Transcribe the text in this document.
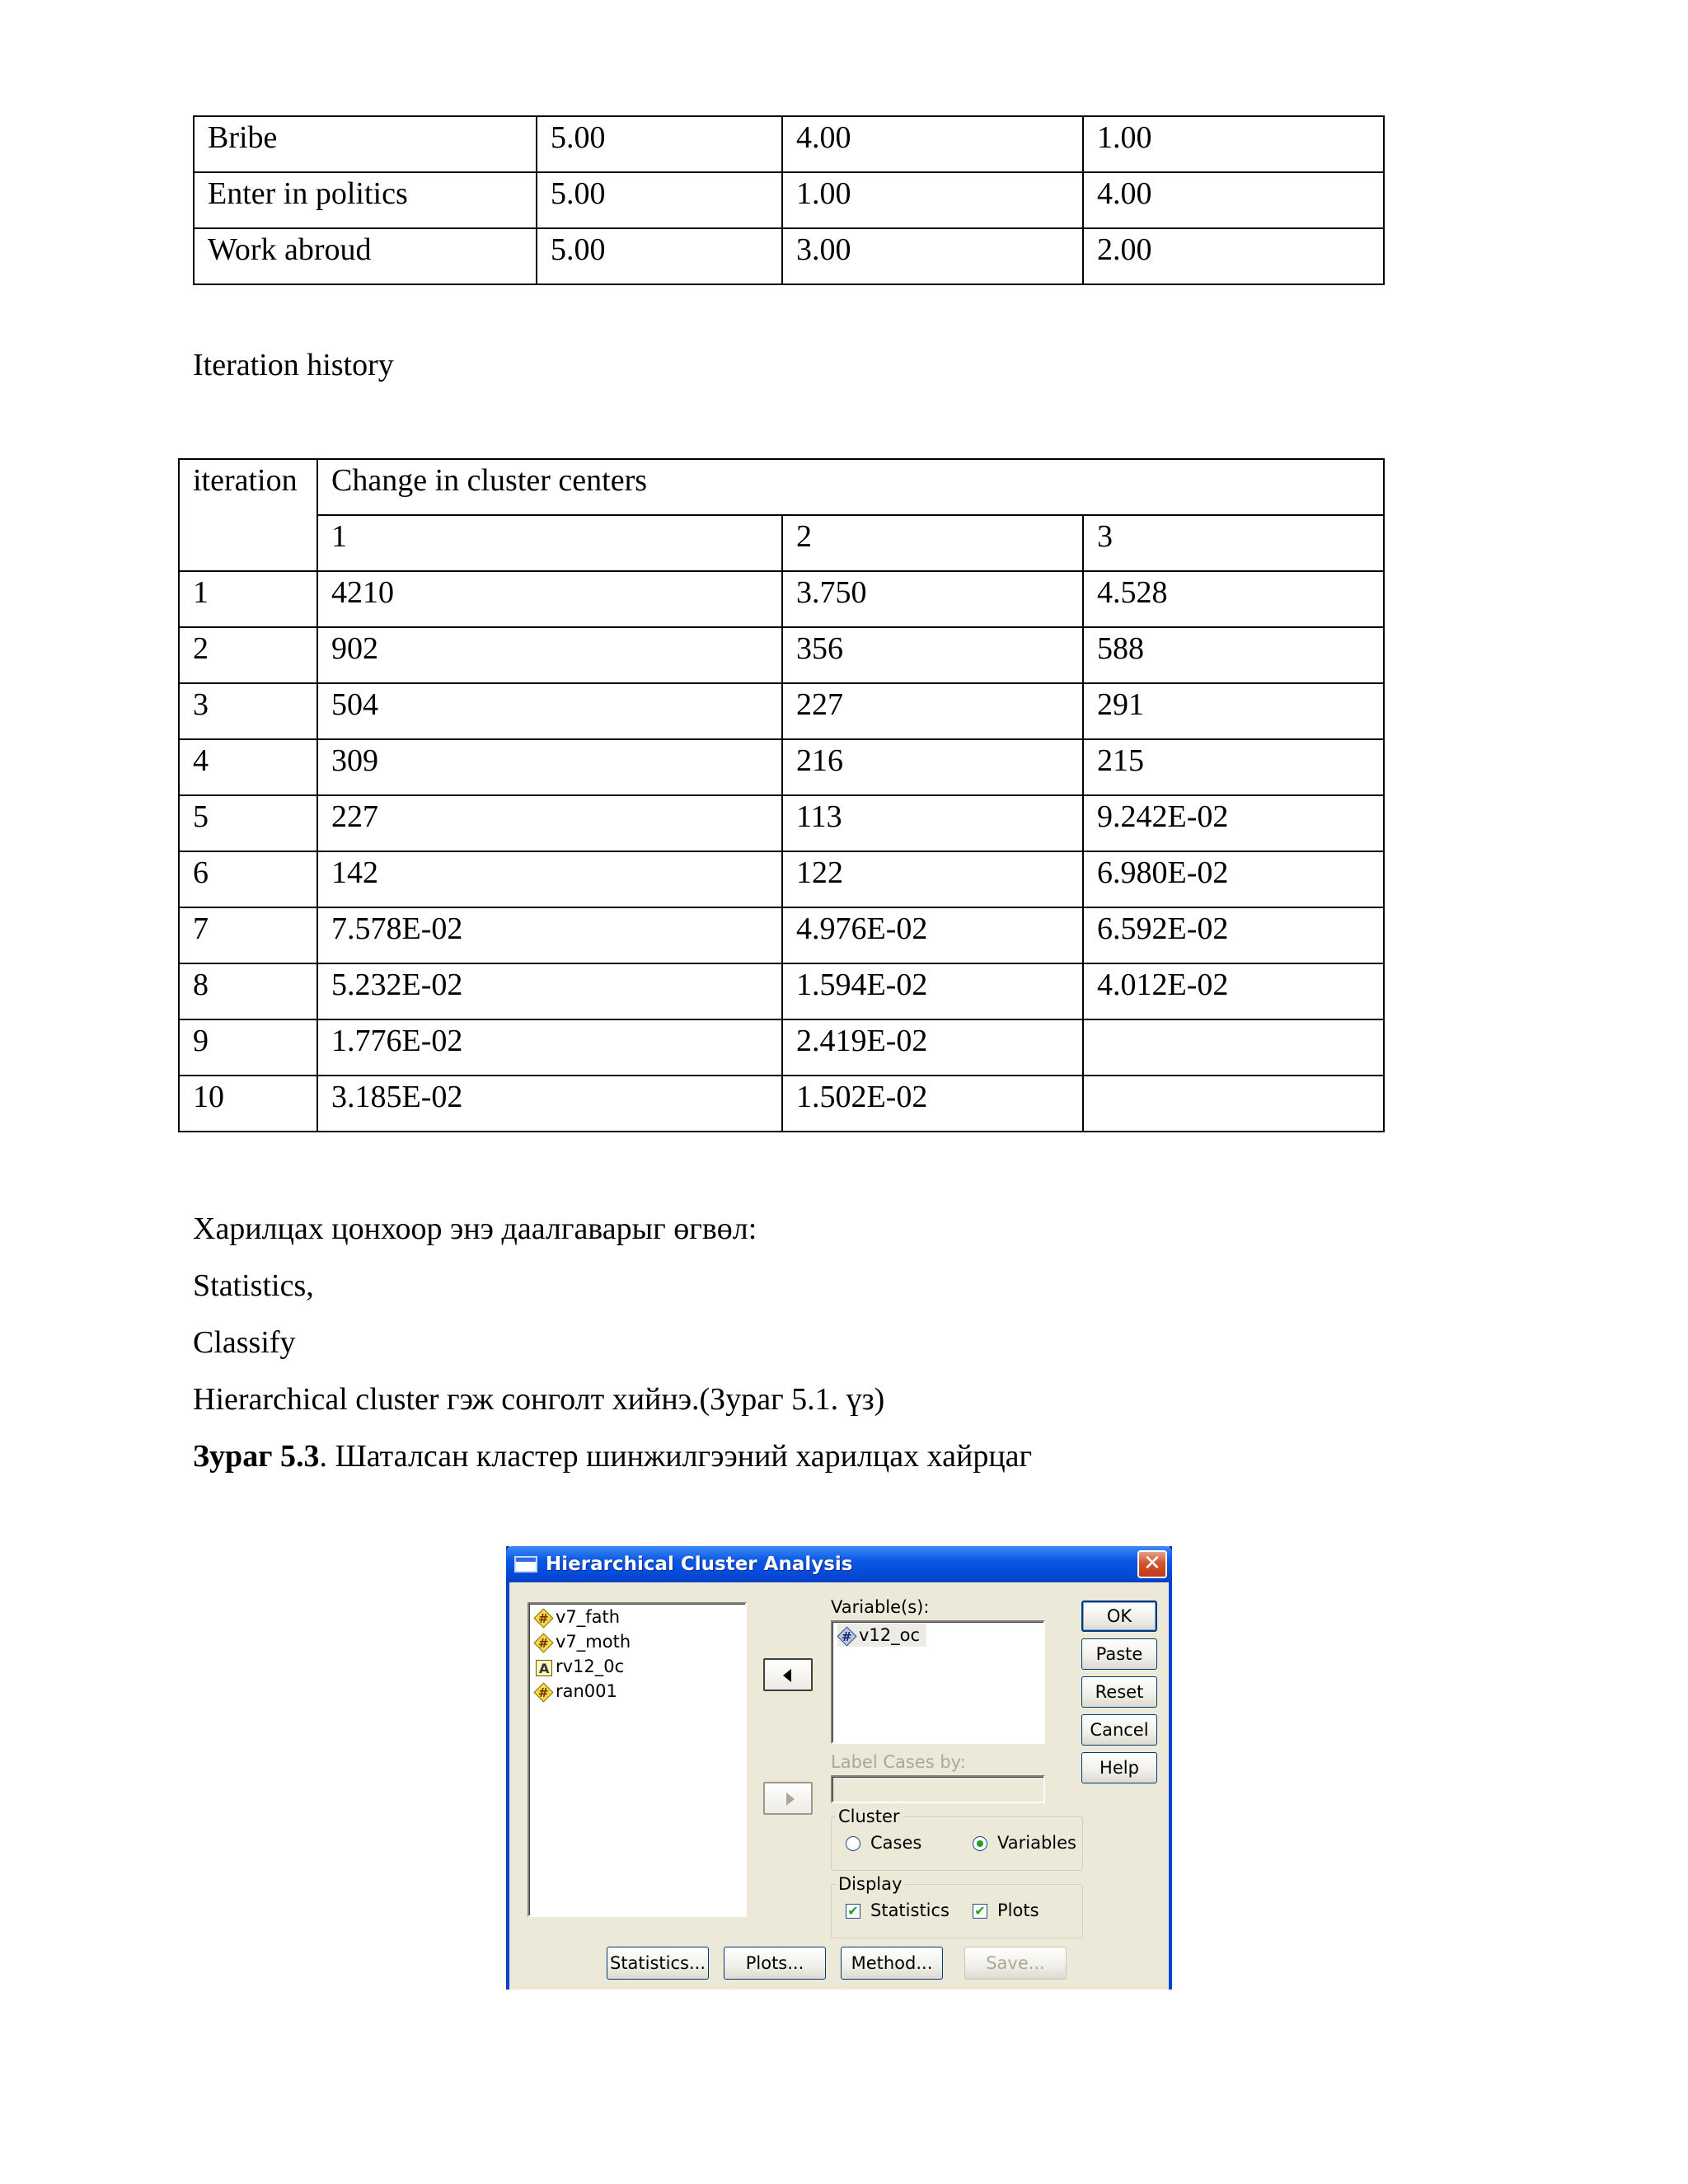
Bribe	5.00	4.00	1.00

Enter in politics	5.00	1.00	4.00

Work abroud	5.00	3.00	2.00
Iteration history
iteration	Change in cluster centers		

	1	2	3

1	4210	3.750	4.528

2	902	356	588

3	504	227	291

4	309	216	215

5	227	113	9.242E-02

6	142	122	6.980E-02

7	7.578E-02	4.976E-02	6.592E-02

8	5.232E-02	1.594E-02	4.012E-02

9	1.776E-02	2.419E-02	

10	3.185E-02	1.502E-02	

Харилцах цонхоор энэ даалгаварыг өгвөл:
Statistics,
Classify
Hierarchical cluster гэж сонголт хийнэ.(Зураг 5.1. үз)
Зураг 5.3. Шаталсан кластер шинжилгээний харилцах хайрцаг
Hierarchical Cluster Analysis	✕
#v7_fath
#v7_moth
Arv12_0c
#ran001
Variable(s):
#v12_oc
Label Cases by:
Cluster
Cases	Variables
Display
✔ Statistics ✔ Plots
OK
Paste
Reset
Cancel
Help
Statistics...	Plots...	Method...	Save...
